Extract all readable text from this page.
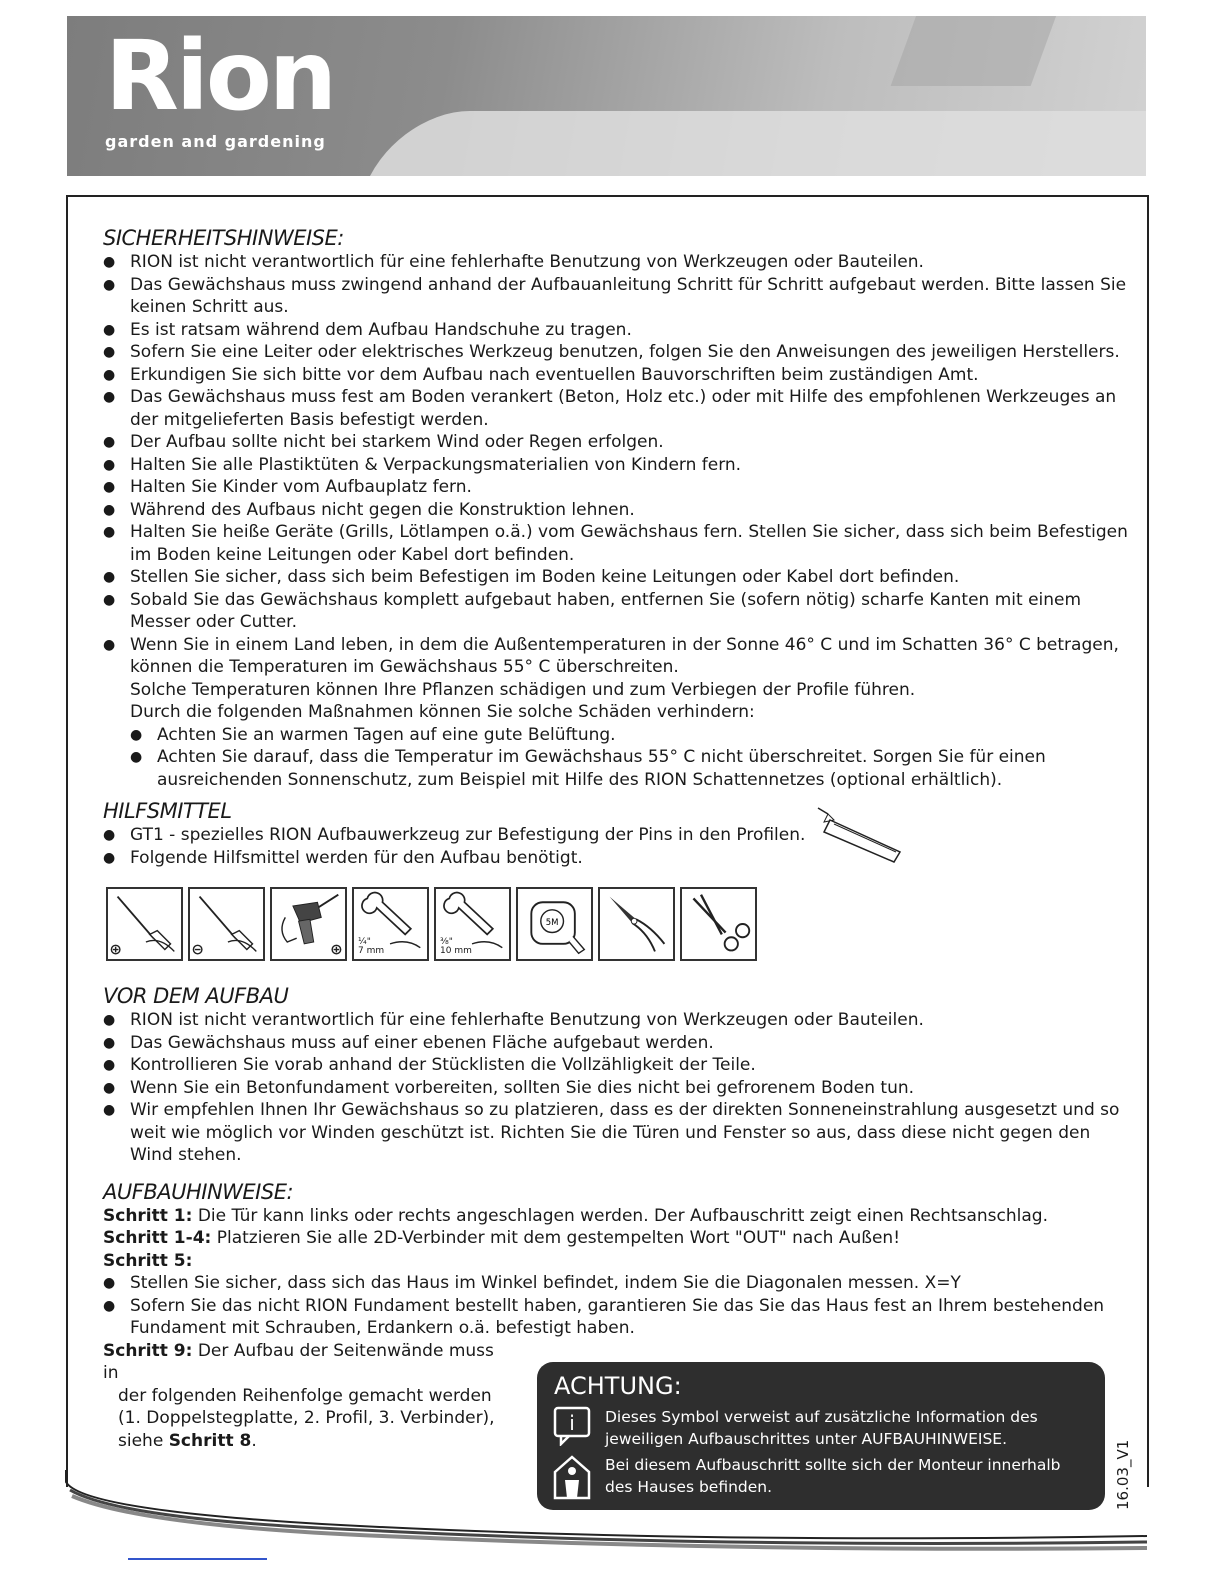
Rion
garden and gardening
SICHERHEITSHINWEISE:
● RION ist nicht verantwortlich für eine fehlerhafte Benutzung von Werkzeugen oder Bauteilen.
● Das Gewächshaus muss zwingend anhand der Aufbauanleitung Schritt für Schritt aufgebaut werden. Bitte lassen Sie keinen Schritt aus.
● Es ist ratsam während dem Aufbau Handschuhe zu tragen.
● Sofern Sie eine Leiter oder elektrisches Werkzeug benutzen, folgen Sie den Anweisungen des jeweiligen Herstellers.
● Erkundigen Sie sich bitte vor dem Aufbau nach eventuellen Bauvorschriften beim zuständigen Amt.
● Das Gewächshaus muss fest am Boden verankert (Beton, Holz etc.) oder mit Hilfe des empfohlenen Werkzeuges an der mitgelieferten Basis befestigt werden.
● Der Aufbau sollte nicht bei starkem Wind oder Regen erfolgen.
● Halten Sie alle Plastiktüten & Verpackungsmaterialien von Kindern fern.
● Halten Sie Kinder vom Aufbauplatz fern.
● Während des Aufbaus nicht gegen die Konstruktion lehnen.
● Halten Sie heiße Geräte (Grills, Lötlampen o.ä.) vom Gewächshaus fern. Stellen Sie sicher, dass sich beim Befestigen im Boden keine Leitungen oder Kabel dort befinden.
● Stellen Sie sicher, dass sich beim Befestigen im Boden keine Leitungen oder Kabel dort befinden.
● Sobald Sie das Gewächshaus komplett aufgebaut haben, entfernen Sie (sofern nötig) scharfe Kanten mit einem Messer oder Cutter.
● Wenn Sie in einem Land leben, in dem die Außentemperaturen in der Sonne 46° C und im Schatten 36° C betragen, können die Temperaturen im Gewächshaus 55° C überschreiten.
Solche Temperaturen können Ihre Pflanzen schädigen und zum Verbiegen der Profile führen.
Durch die folgenden Maßnahmen können Sie solche Schäden verhindern:
● Achten Sie an warmen Tagen auf eine gute Belüftung.
● Achten Sie darauf, dass die Temperatur im Gewächshaus 55° C nicht überschreitet. Sorgen Sie für einen ausreichenden Sonnenschutz, zum Beispiel mit Hilfe des RION Schattennetzes (optional erhältlich).
HILFSMITTEL
● GT1 - spezielles RION Aufbauwerkzeug zur Befestigung der Pins in den Profilen.
● Folgende Hilfsmittel werden für den Aufbau benötigt.
¼"
7 mm
⅜"
10 mm
5M
VOR DEM AUFBAU
● RION ist nicht verantwortlich für eine fehlerhafte Benutzung von Werkzeugen oder Bauteilen.
● Das Gewächshaus muss auf einer ebenen Fläche aufgebaut werden.
● Kontrollieren Sie vorab anhand der Stücklisten die Vollzähligkeit der Teile.
● Wenn Sie ein Betonfundament vorbereiten, sollten Sie dies nicht bei gefrorenem Boden tun.
● Wir empfehlen Ihnen Ihr Gewächshaus so zu platzieren, dass es der direkten Sonneneinstrahlung ausgesetzt und so weit wie möglich vor Winden geschützt ist. Richten Sie die Türen und Fenster so aus, dass diese nicht gegen den Wind stehen.
AUFBAUHINWEISE:
Schritt 1: Die Tür kann links oder rechts angeschlagen werden. Der Aufbauschritt zeigt einen Rechtsanschlag.
Schritt 1-4: Platzieren Sie alle 2D-Verbinder mit dem gestempelten Wort "OUT" nach Außen!
Schritt 5:
● Stellen Sie sicher, dass sich das Haus im Winkel befindet, indem Sie die Diagonalen messen. X=Y
● Sofern Sie das nicht RION Fundament bestellt haben, garantieren Sie das Sie das Haus fest an Ihrem bestehenden Fundament mit Schrauben, Erdankern o.ä. befestigt haben.
Schritt 9: Der Aufbau der Seitenwände muss in
der folgenden Reihenfolge gemacht werden
(1. Doppelstegplatte, 2. Profil, 3. Verbinder),
siehe Schritt 8.
ACHTUNG:
i Dieses Symbol verweist auf zusätzliche Information des jeweiligen Aufbauschrittes unter AUFBAUHINWEISE.
Bei diesem Aufbauschritt sollte sich der Monteur innerhalb des Hauses befinden.	16.03_V1
